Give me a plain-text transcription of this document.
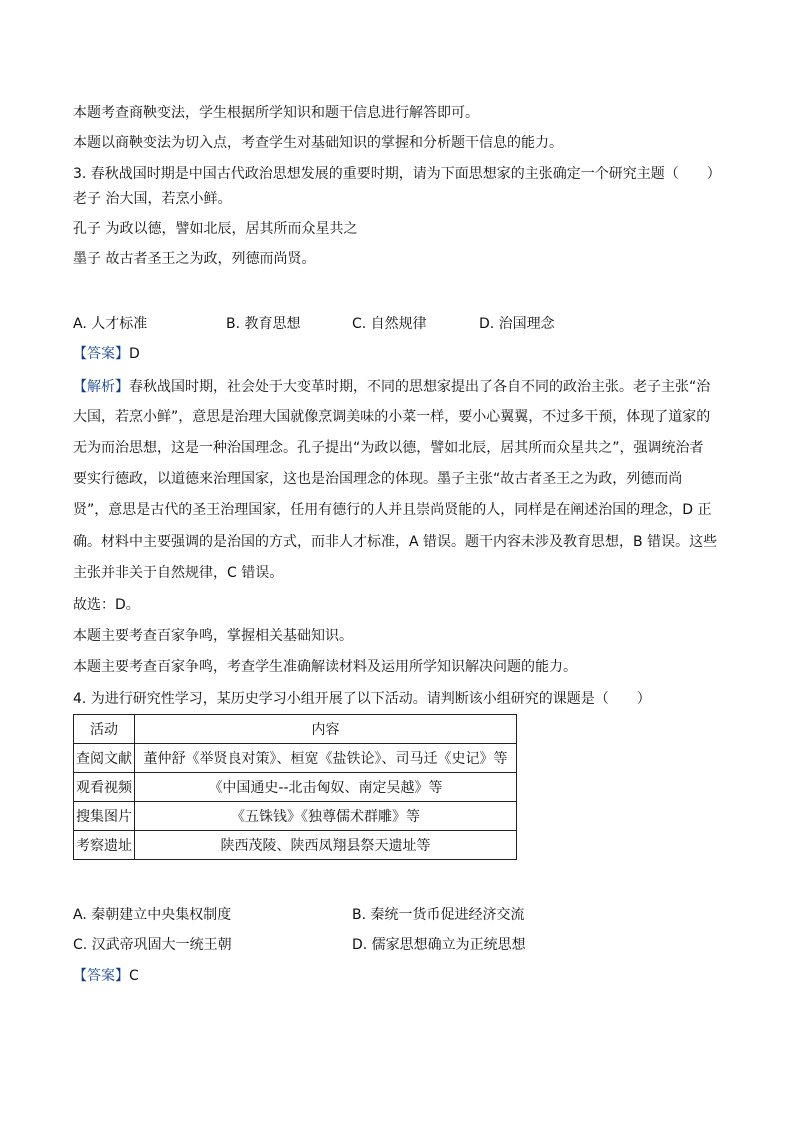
本题考查商鞅变法，学生根据所学知识和题干信息进行解答即可。

本题以商鞅变法为切入点，考查学生对基础知识的掌握和分析题干信息的能力。

3. 春秋战国时期是中国古代政治思想发展的重要时期，请为下面思想家的主张确定一个研究主题（　　）

老子 治大国，若烹小鲜。

孔子 为政以德，譬如北辰，居其所而众星共之

墨子 故古者圣王之为政，列德而尚贤。

A. 人才标准	B. 教育思想	C. 自然规律	D. 治国理念

【答案】D

【解析】春秋战国时期，社会处于大变革时期，不同的思想家提出了各自不同的政治主张。老子主张“治

大国，若烹小鲜”，意思是治理大国就像烹调美味的小菜一样，要小心翼翼，不过多干预，体现了道家的

无为而治思想，这是一种治国理念。孔子提出“为政以德，譬如北辰，居其所而众星共之”，强调统治者

要实行德政，以道德来治理国家，这也是治国理念的体现。墨子主张“故古者圣王之为政，列德而尚

贤”，意思是古代的圣王治理国家，任用有德行的人并且崇尚贤能的人，同样是在阐述治国的理念，D 正

确。材料中主要强调的是治国的方式，而非人才标准，A 错误。题干内容未涉及教育思想，B 错误。这些

主张并非关于自然规律，C 错误。

故选：D。

本题主要考查百家争鸣，掌握相关基础知识。

本题主要考查百家争鸣，考查学生准确解读材料及运用所学知识解决问题的能力。

4. 为进行研究性学习，某历史学习小组开展了以下活动。请判断该小组研究的课题是（　　）

活动	内容
查阅文献	董仲舒《举贤良对策》、桓宽《盐铁论》、司马迁《史记》等
观看视频	《中国通史--北击匈奴、南定吴越》等
搜集图片	《五铢钱》《独尊儒术群雕》等
考察遗址	陕西茂陵、陕西凤翔县祭天遗址等
A. 秦朝建立中央集权制度	B. 秦统一货币促进经济交流
C. 汉武帝巩固大一统王朝	D. 儒家思想确立为正统思想

【答案】C
